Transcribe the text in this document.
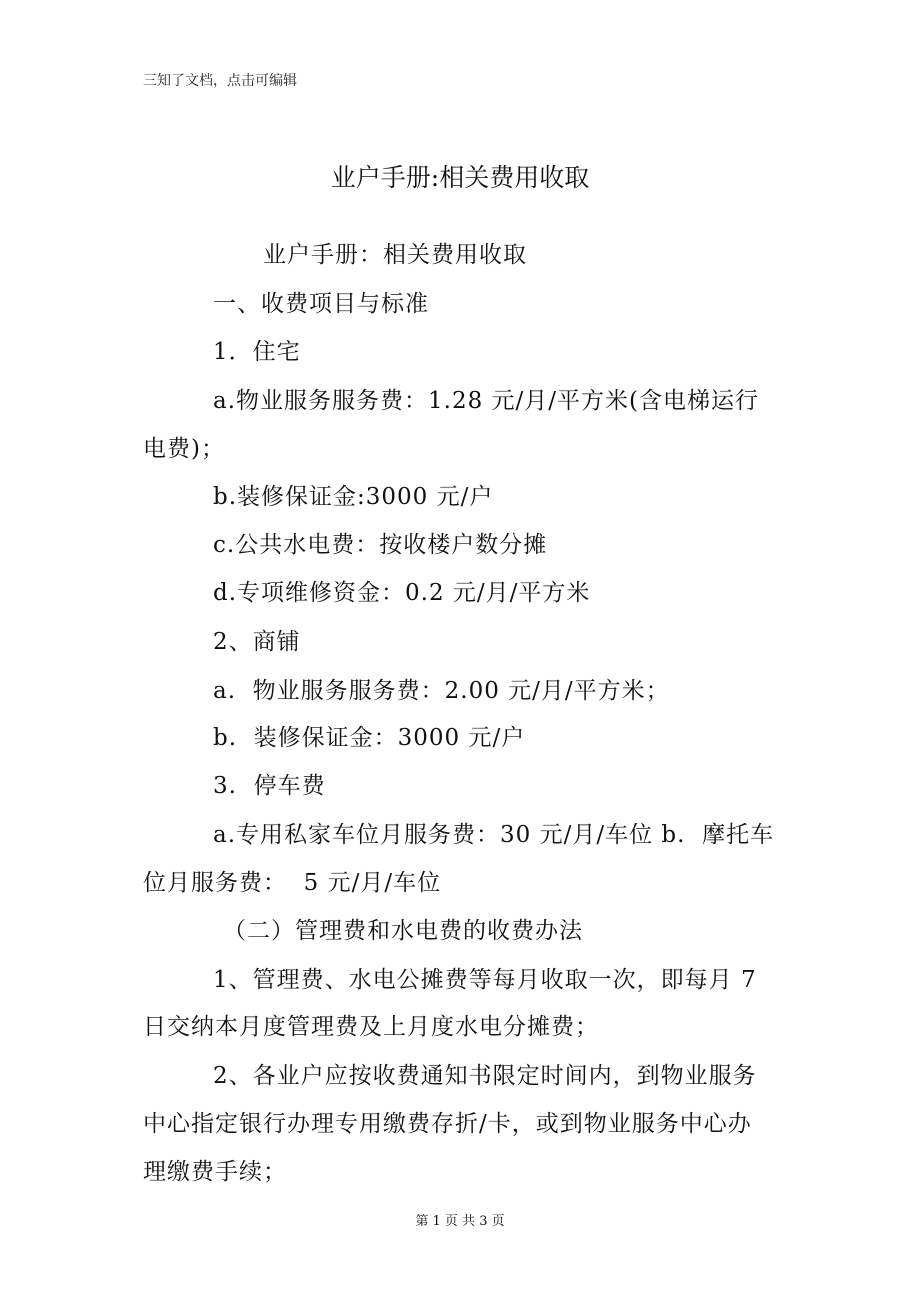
三知了文档，点击可编辑
业户手册:相关费用收取
业户手册：相关费用收取
一、收费项目与标准
1．住宅
a.物业服务服务费：1.28 元/月/平方米(含电梯运行
电费)；
b.装修保证金:3000 元/户
c.公共水电费：按收楼户数分摊
d.专项维修资金：0.2 元/月/平方米
2、商铺
a.  物业服务服务费：2.00 元/月/平方米；
b.  装修保证金：3000 元/户
3.  停车费
a.专用私家车位月服务费：30 元/月/车位 b.  摩托车
位月服务费：  5 元/月/车位
（二）管理费和水电费的收费办法
1、管理费、水电公摊费等每月收取一次，即每月 7
日交纳本月度管理费及上月度水电分摊费；
2、各业户应按收费通知书限定时间内，到物业服务
中心指定银行办理专用缴费存折/卡，或到物业服务中心办
理缴费手续；
第 1 页 共 3 页
